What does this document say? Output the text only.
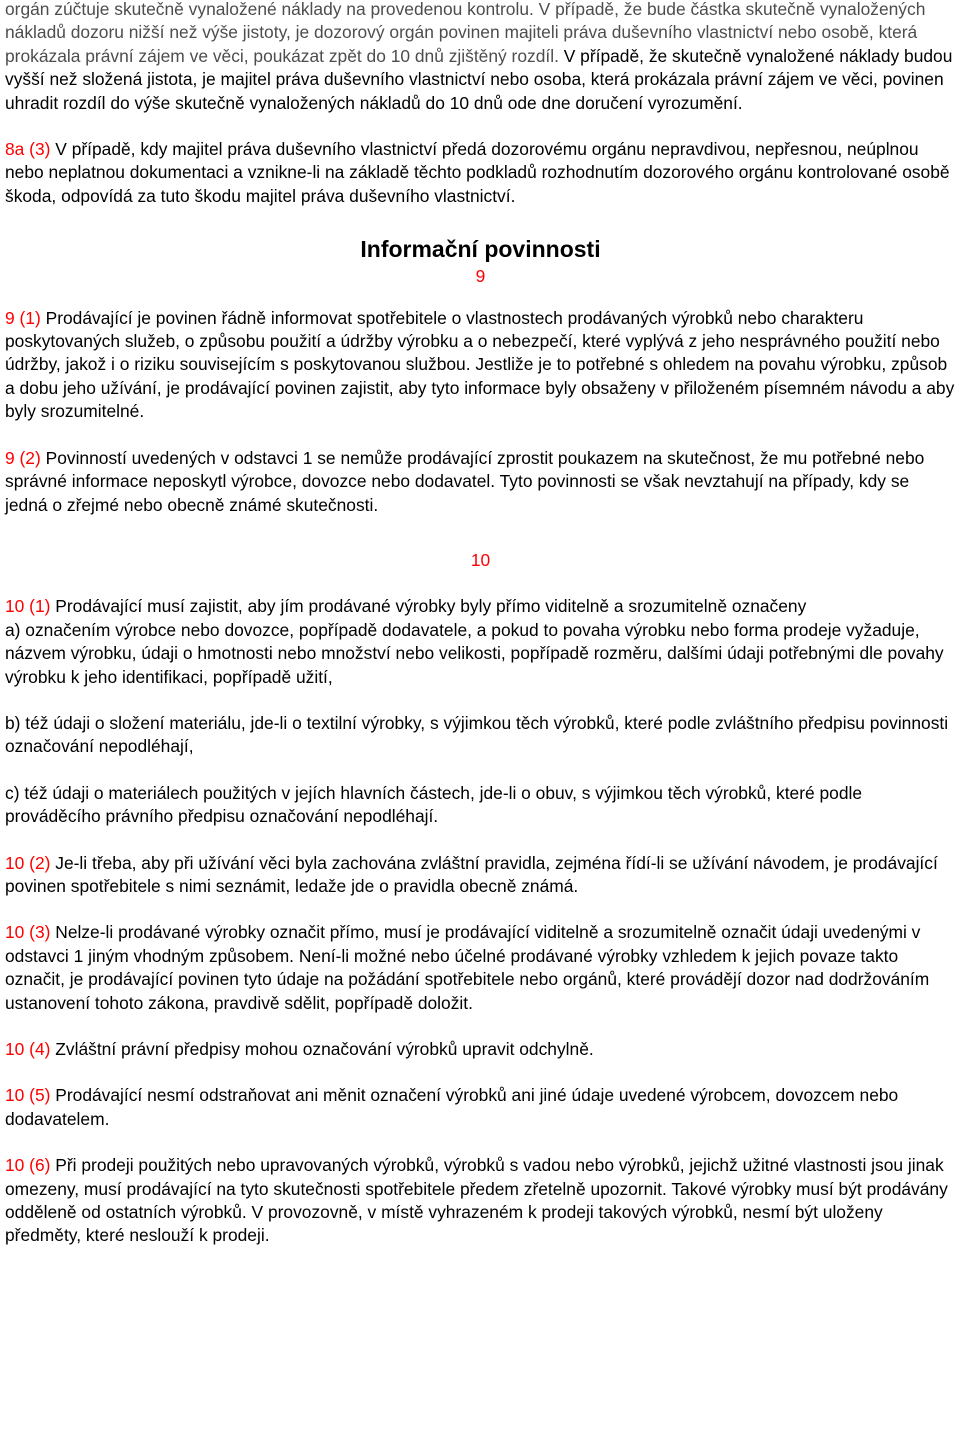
orgán zúčtuje skutečně vynaložené náklady na provedenou kontrolu. V případě, že bude částka skutečně vynaložených nákladů dozoru nižší než výše jistoty, je dozorový orgán povinen majiteli práva duševního vlastnictví nebo osobě, která prokázala právní zájem ve věci, poukázat zpět do 10 dnů zjištěný rozdíl. V případě, že skutečně vynaložené náklady budou vyšší než složená jistota, je majitel práva duševního vlastnictví nebo osoba, která prokázala právní zájem ve věci, povinen uhradit rozdíl do výše skutečně vynaložených nákladů do 10 dnů ode dne doručení vyrozumění.

8a (3) V případě, kdy majitel práva duševního vlastnictví předá dozorovému orgánu nepravdivou, nepřesnou, neúplnou nebo neplatnou dokumentaci a vznikne-li na základě těchto podkladů rozhodnutím dozorového orgánu kontrolované osobě škoda, odpovídá za tuto škodu majitel práva duševního vlastnictví.

Informační povinnosti
9

9 (1) Prodávající je povinen řádně informovat spotřebitele o vlastnostech prodávaných výrobků nebo charakteru poskytovaných služeb, o způsobu použití a údržby výrobku a o nebezpečí, které vyplývá z jeho nesprávného použití nebo údržby, jakož i o riziku souvisejícím s poskytovanou službou. Jestliže je to potřebné s ohledem na povahu výrobku, způsob a dobu jeho užívání, je prodávající povinen zajistit, aby tyto informace byly obsaženy v přiloženém písemném návodu a aby byly srozumitelné.

9 (2) Povinností uvedených v odstavci 1 se nemůže prodávající zprostit poukazem na skutečnost, že mu potřebné nebo správné informace neposkytl výrobce, dovozce nebo dodavatel. Tyto povinnosti se však nevztahují na případy, kdy se jedná o zřejmé nebo obecně známé skutečnosti.

10

10 (1) Prodávající musí zajistit, aby jím prodávané výrobky byly přímo viditelně a srozumitelně označeny

a) označením výrobce nebo dovozce, popřípadě dodavatele, a pokud to povaha výrobku nebo forma prodeje vyžaduje, názvem výrobku, údaji o hmotnosti nebo množství nebo velikosti, popřípadě rozměru, dalšími údaji potřebnými dle povahy výrobku k jeho identifikaci, popřípadě užití,

b) též údaji o složení materiálu, jde-li o textilní výrobky, s výjimkou těch výrobků, které podle zvláštního předpisu povinnosti označování nepodléhají,

c) též údaji o materiálech použitých v jejích hlavních částech, jde-li o obuv, s výjimkou těch výrobků, které podle prováděcího právního předpisu označování nepodléhají.

10 (2) Je-li třeba, aby při užívání věci byla zachována zvláštní pravidla, zejména řídí-li se užívání návodem, je prodávající povinen spotřebitele s nimi seznámit, ledaže jde o pravidla obecně známá.

10 (3) Nelze-li prodávané výrobky označit přímo, musí je prodávající viditelně a srozumitelně označit údaji uvedenými v odstavci 1 jiným vhodným způsobem. Není-li možné nebo účelné prodávané výrobky vzhledem k jejich povaze takto označit, je prodávající povinen tyto údaje na požádání spotřebitele nebo orgánů, které provádějí dozor nad dodržováním ustanovení tohoto zákona, pravdivě sdělit, popřípadě doložit.

10 (4) Zvláštní právní předpisy mohou označování výrobků upravit odchylně.

10 (5) Prodávající nesmí odstraňovat ani měnit označení výrobků ani jiné údaje uvedené výrobcem, dovozcem nebo dodavatelem.

10 (6) Při prodeji použitých nebo upravovaných výrobků, výrobků s vadou nebo výrobků, jejichž užitné vlastnosti jsou jinak omezeny, musí prodávající na tyto skutečnosti spotřebitele předem zřetelně upozornit. Takové výrobky musí být prodávány odděleně od ostatních výrobků. V provozovně, v místě vyhrazeném k prodeji takových výrobků, nesmí být uloženy předměty, které neslouží k prodeji.
